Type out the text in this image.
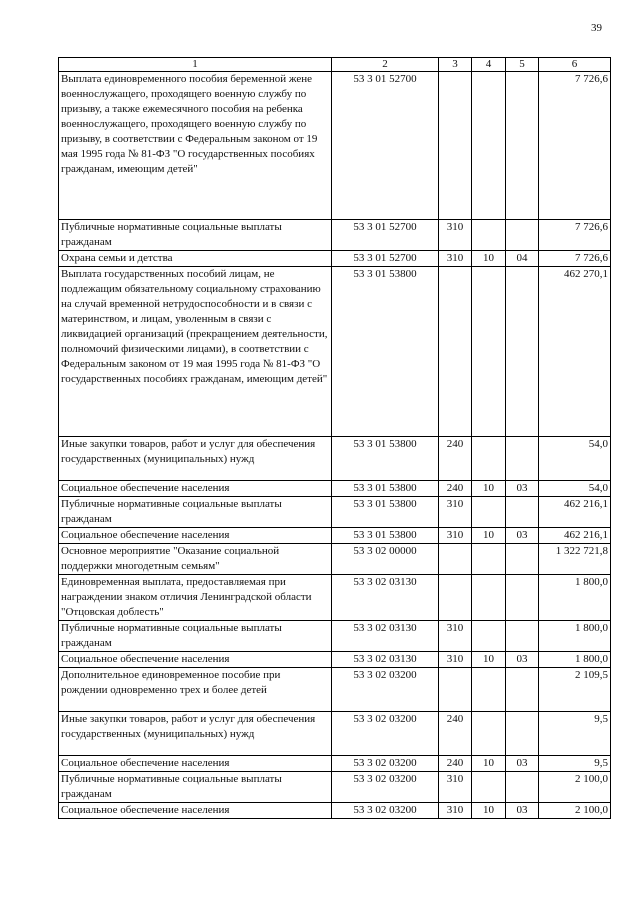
39
1	2	3	4	5	6
Выплата единовременного пособия беременной жене военнослужащего, проходящего военную службу по призыву, а также ежемесячного пособия на ребенка военнослужащего, проходящего военную службу по призыву, в соответствии с Федеральным законом от 19 мая 1995 года № 81-ФЗ "О государственных пособиях гражданам, имеющим детей"	53 3 01 52700				7 726,6
Публичные нормативные социальные выплаты гражданам	53 3 01 52700	310			7 726,6
Охрана семьи и детства	53 3 01 52700	310	10	04	7 726,6
Выплата государственных пособий лицам, не подлежащим обязательному социальному страхованию на случай временной нетрудоспособности и в связи с материнством, и лицам, уволенным в связи с ликвидацией организаций (прекращением деятельности, полномочий физическими лицами), в соответствии с Федеральным законом от 19 мая 1995 года № 81-ФЗ "О государственных пособиях гражданам, имеющим детей"	53 3 01 53800				462 270,1
Иные закупки товаров, работ и услуг для обеспечения государственных (муниципальных) нужд	53 3 01 53800	240			54,0
Социальное обеспечение населения	53 3 01 53800	240	10	03	54,0
Публичные нормативные социальные выплаты гражданам	53 3 01 53800	310			462 216,1
Социальное обеспечение населения	53 3 01 53800	310	10	03	462 216,1
Основное мероприятие "Оказание социальной поддержки многодетным семьям"	53 3 02 00000				1 322 721,8
Единовременная выплата, предоставляемая при награждении знаком отличия Ленинградской области "Отцовская доблесть"	53 3 02 03130				1 800,0
Публичные нормативные социальные выплаты гражданам	53 3 02 03130	310			1 800,0
Социальное обеспечение населения	53 3 02 03130	310	10	03	1 800,0
Дополнительное единовременное пособие при рождении одновременно трех и более детей	53 3 02 03200				2 109,5
Иные закупки товаров, работ и услуг для обеспечения государственных (муниципальных) нужд	53 3 02 03200	240			9,5
Социальное обеспечение населения	53 3 02 03200	240	10	03	9,5
Публичные нормативные социальные выплаты гражданам	53 3 02 03200	310			2 100,0
Социальное обеспечение населения	53 3 02 03200	310	10	03	2 100,0
